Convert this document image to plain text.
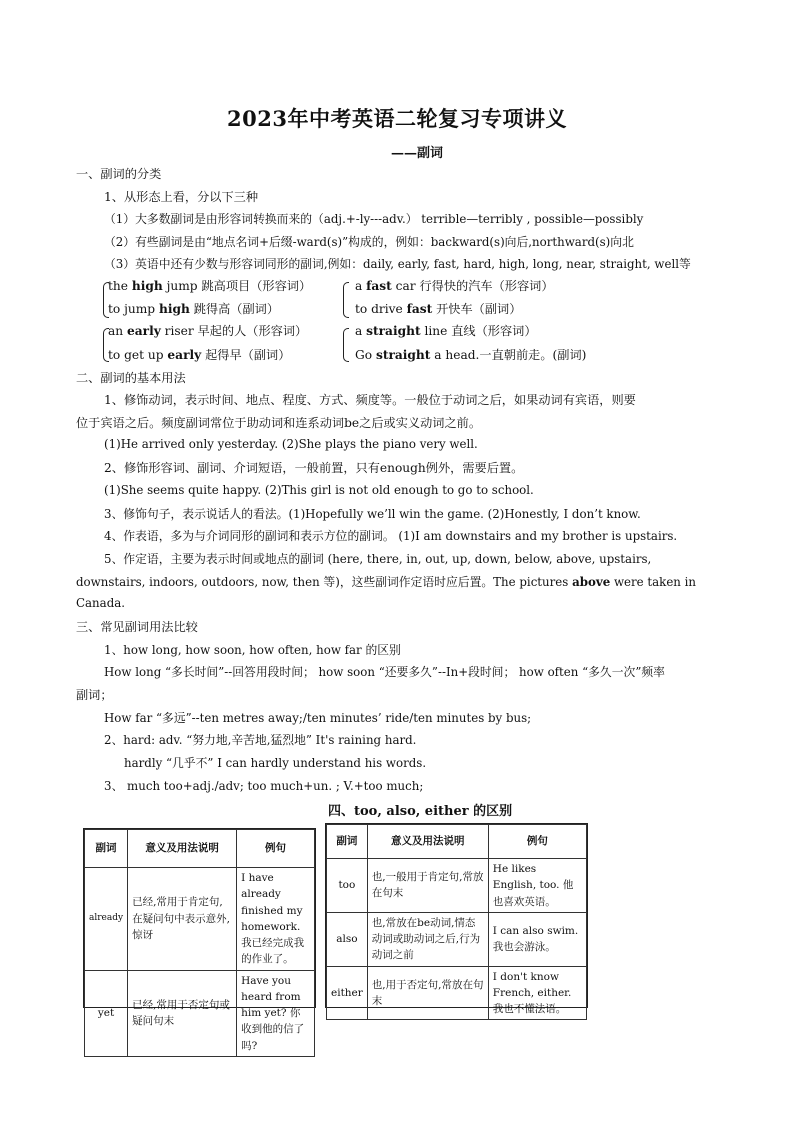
2023年中考英语二轮复习专项讲义
——副词
一、副词的分类
1、从形态上看，分以下三种
（1）大多数副词是由形容词转换而来的（adj.+-ly---adv.） terrible—terribly , possible—possibly
（2）有些副词是由“地点名词+后缀-ward(s)”构成的，例如：backward(s)向后,northward(s)向北
（3）英语中还有少数与形容词同形的副词,例如：daily, early, fast, hard, high, long, near, straight, well等
the high jump 跳高项目（形容词）
to jump high 跳得高（副词）
a fast car 行得快的汽车（形容词）
to drive fast 开快车（副词）
an early riser 早起的人（形容词）
to get up early 起得早（副词）
a straight line 直线（形容词）
Go straight a head.一直朝前走。(副词)
二、副词的基本用法
1、修饰动词，表示时间、地点、程度、方式、频度等。一般位于动词之后，如果动词有宾语，则要
位于宾语之后。频度副词常位于助动词和连系动词be之后或实义动词之前。
(1)He arrived only yesterday. (2)She plays the piano very well.
2、修饰形容词、副词、介词短语，一般前置，只有enough例外，需要后置。
(1)She seems quite happy. (2)This girl is not old enough to go to school.
3、修饰句子，表示说话人的看法。(1)Hopefully we’ll win the game. (2)Honestly, I don’t know.
4、作表语，多为与介词同形的副词和表示方位的副词。 (1)I am downstairs and my brother is upstairs.
5、作定语，主要为表示时间或地点的副词 (here, there, in, out, up, down, below, above, upstairs,
downstairs, indoors, outdoors, now, then 等)，这些副词作定语时应后置。The pictures above were taken in
Canada.
三、常见副词用法比较
1、how long, how soon, how often, how far 的区别
How long “多长时间”--回答用段时间； how soon “还要多久”--In+段时间； how often “多久一次”频率
副词；
How far “多远”--ten metres away;/ten minutes’ ride/ten minutes by bus;
2、hard: adv. “努力地,辛苦地,猛烈地” It's raining hard.
hardly “几乎不” I can hardly understand his words.
3、 much too+adj./adv; too much+un. ; V.+too much;
四、too, also, either 的区别
副词	意义及用法说明	例句
already	已经,常用于肯定句,在疑问句中表示意外,惊讶	I have already finished my homework.我已经完成我的作业了。
yet	已经,常用于否定句或疑问句末	Have you heard from him yet? 你收到他的信了吗?
副词	意义及用法说明	例句
too	也,一般用于肯定句,常放在句末	He likes English, too. 他也喜欢英语。
also	也,常放在be动词,情态动词或助动词之后,行为动词之前	I can also swim. 我也会游泳。
either	也,用于否定句,常放在句末	I don't know French, either. 我也不懂法语。
